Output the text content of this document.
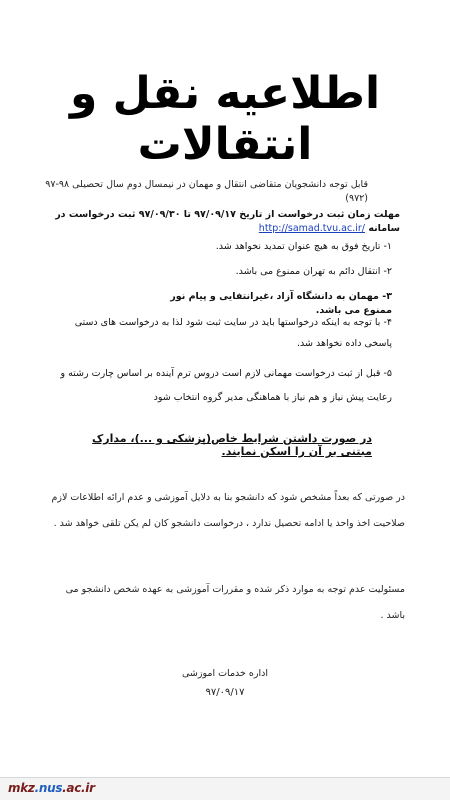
اطلاعیه نقل و انتقالات
قابل توجه دانشجویان متقاضی انتقال و مهمان در نیمسال دوم سال تحصیلی ۹۸-۹۷ (۹۷۲)
مهلت زمان ثبت درخواست از تاریخ ۹۷/۰۹/۱۷ تا ۹۷/۰۹/۳۰ ثبت درخواست در سامانه http://samad.tvu.ac.ir/
۱- تاریخ فوق به هیچ عنوان تمدید نخواهد شد.
۲- انتقال دائم به تهران ممنوع می باشد.
۳- مهمان به دانشگاه آزاد ،غیرانتفایی و پیام نور ممنوع می باشد.
۴- با توجه به اینکه درخواستها باید در سایت ثبت شود لذا به درخواست های دستی پاسخی داده نخواهد شد.
۵- قبل از ثبت درخواست مهمانی لازم است دروس ترم آینده بر اساس چارت رشته و رعایت پیش نیاز و هم نیاز با هماهنگی مدیر گروه انتخاب شود
در صورت داشتن شرایط خاص(پزشکی و ...)، مدارک مبتنی بر آن را اسکن نمایند.
در صورتی که بعداً مشخص شود که دانشجو بنا به دلایل آموزشی و عدم ارائه اطلاعات لازم صلاحیت اخذ واحد یا ادامه تحصیل ندارد ، درخواست دانشجو کان لم یکن تلقی خواهد شد .
مسئولیت عدم توجه به موارد ذکر شده و مقررات آموزشی به عهده شخص دانشجو می باشد .
اداره خدمات اموزشی
۹۷/۰۹/۱۷
mkz.nus.ac.ir
